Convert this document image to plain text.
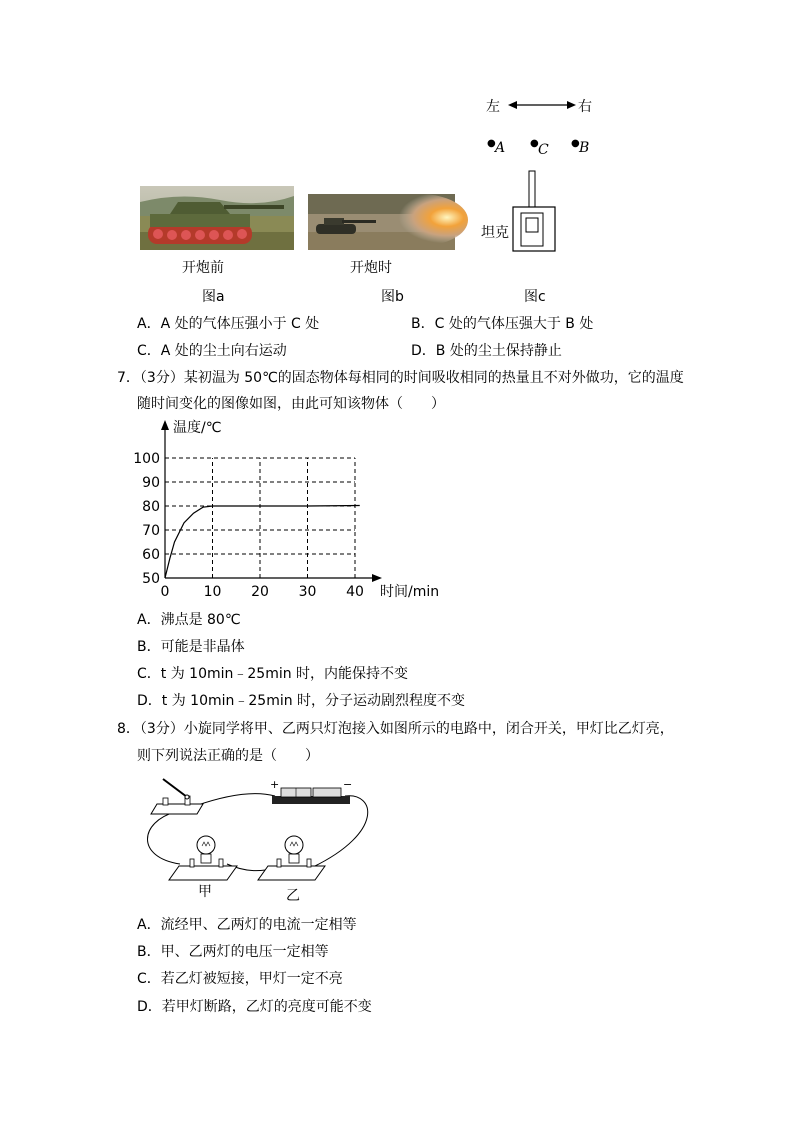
左	右
● A ● C ● B
坦克
开炮前	开炮时
图a	图b	图c
A．A 处的气体压强小于 C 处	B．C 处的气体压强大于 B 处
C．A 处的尘土向右运动	D．B 处的尘土保持静止
7．（3分）某初温为 50℃的固态物体每相同的时间吸收相同的热量且不对外做功，它的温度
随时间变化的图像如图，由此可知该物体（　　）
50
60
70
80
90
100
0 10 20 30 40
温度/℃
时间/min
A．沸点是 80℃
B．可能是非晶体
C．t 为 10min﹣25min 时，内能保持不变
D．t 为 10min﹣25min 时，分子运动剧烈程度不变
8．（3分）小旋同学将甲、乙两只灯泡接入如图所示的电路中，闭合开关，甲灯比乙灯亮，
则下列说法正确的是（　　）
+	−
甲	乙
A．流经甲、乙两灯的电流一定相等
B．甲、乙两灯的电压一定相等
C．若乙灯被短接，甲灯一定不亮
D．若甲灯断路，乙灯的亮度可能不变
